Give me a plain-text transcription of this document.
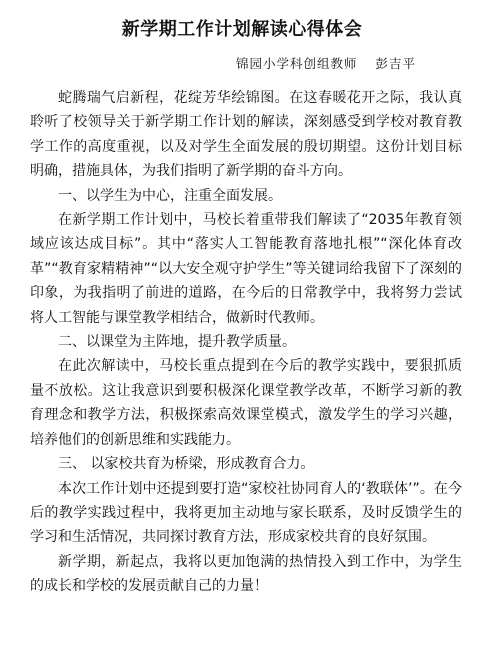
新学期工作计划解读心得体会
锦园小学科创组教师 彭吉平

蛇腾瑞气启新程，花绽芳华绘锦图。在这春暖花开之际，我认真聆听了校领导关于新学期工作计划的解读，深刻感受到学校对教育教学工作的高度重视，以及对学生全面发展的殷切期望。这份计划目标明确，措施具体，为我们指明了新学期的奋斗方向。

一、以学生为中心，注重全面发展。

在新学期工作计划中，马校长着重带我们解读了“2035年教育领域应该达成目标”。其中“落实人工智能教育落地扎根”“深化体育改革”“教育家精精神”“以大安全观守护学生”等关键词给我留下了深刻的印象，为我指明了前进的道路，在今后的日常教学中，我将努力尝试将人工智能与课堂教学相结合，做新时代教师。

二、以课堂为主阵地，提升教学质量。

在此次解读中，马校长重点提到在今后的教学实践中，要狠抓质量不放松。这让我意识到要积极深化课堂教学改革，不断学习新的教育理念和教学方法，积极探索高效课堂模式，激发学生的学习兴趣，培养他们的创新思维和实践能力。

三、 以家校共育为桥梁，形成教育合力。

本次工作计划中还提到要打造“家校社协同育人的‘教联体’”。在今后的教学实践过程中，我将更加主动地与家长联系，及时反馈学生的学习和生活情况，共同探讨教育方法，形成家校共育的良好氛围。

新学期，新起点，我将以更加饱满的热情投入到工作中，为学生的成长和学校的发展贡献自己的力量！
